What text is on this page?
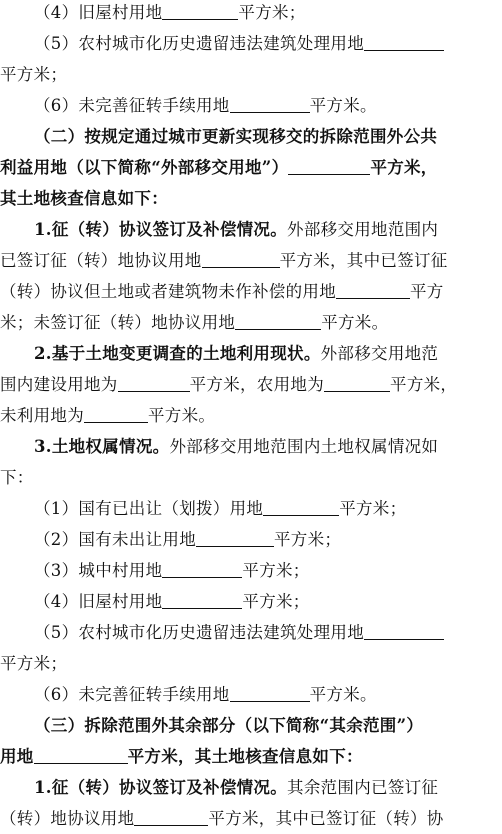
（4）旧屋村用地	平方米；
（5）农村城市化历史遗留违法建筑处理用地
平方米；
（6）未完善征转手续用地	平方米。
（二）按规定通过城市更新实现移交的拆除范围外公共
利益用地（以下简称“外部移交用地”）	平方米，
其土地核查信息如下：
1.征（转）协议签订及补偿情况。外部移交用地范围内
已签订征（转）地协议用地	平方米，其中已签订征
（转）协议但土地或者建筑物未作补偿的用地	平方
米；未签订征（转）地协议用地	平方米。
2.基于土地变更调查的土地利用现状。外部移交用地范
围内建设用地为	平方米，农用地为	平方米，
未利用地为	平方米。
3.土地权属情况。外部移交用地范围内土地权属情况如
下：
（1）国有已出让（划拨）用地	平方米；
（2）国有未出让用地	平方米；
（3）城中村用地	平方米；
（4）旧屋村用地	平方米；
（5）农村城市化历史遗留违法建筑处理用地
平方米；
（6）未完善征转手续用地	平方米。
（三）拆除范围外其余部分（以下简称“其余范围”）
用地	平方米，其土地核查信息如下：
1.征（转）协议签订及补偿情况。其余范围内已签订征
（转）地协议用地	平方米，其中已签订征（转）协
